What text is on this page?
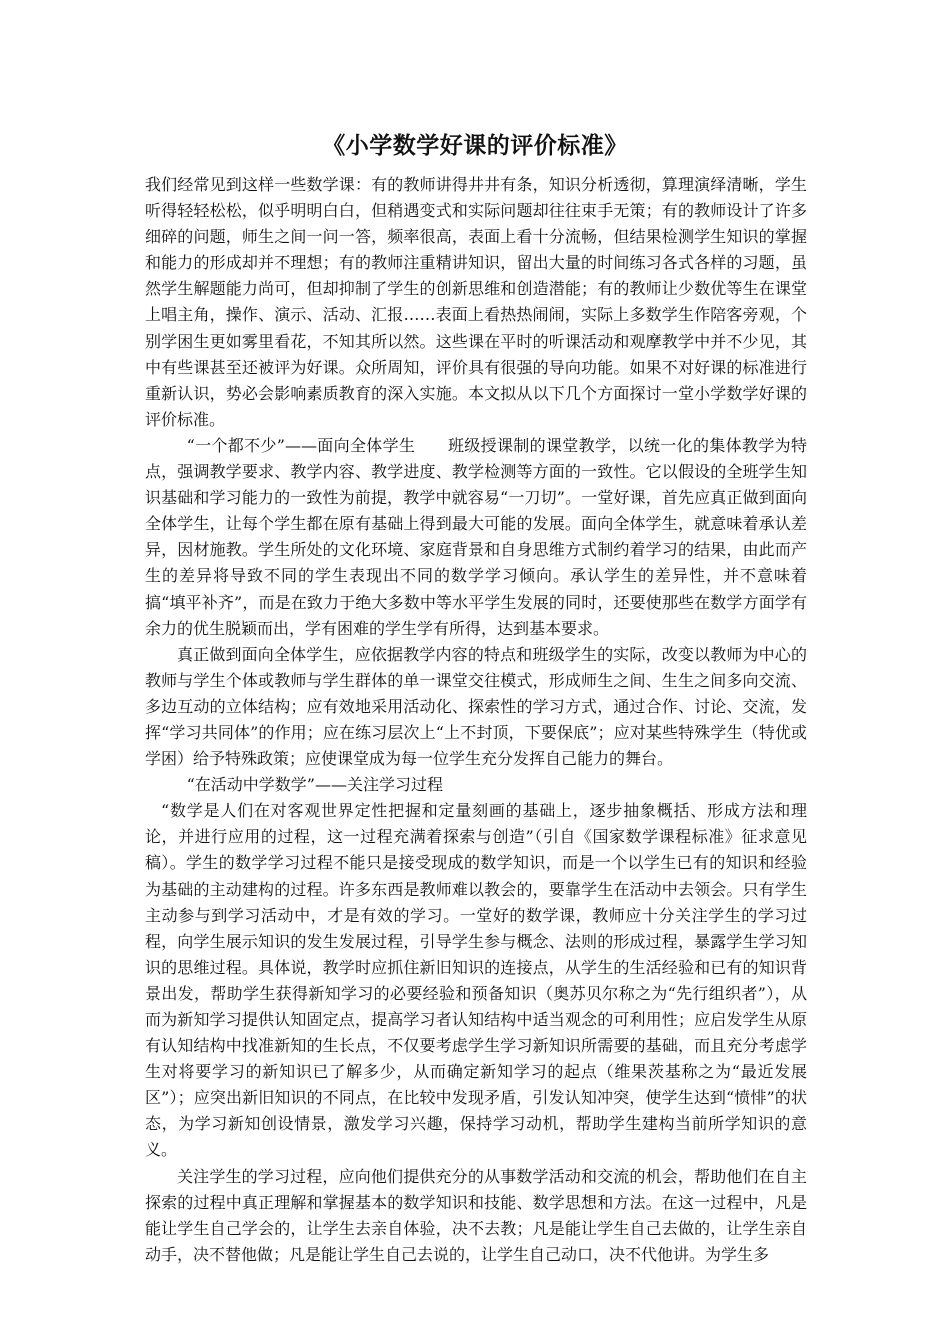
《小学数学好课的评价标准》

我们经常见到这样一些数学课：有的教师讲得井井有条，知识分析透彻，算理演绎清晰，学生听得轻轻松松，似乎明明白白，但稍遇变式和实际问题却往往束手无策；有的教师设计了许多细碎的问题，师生之间一问一答，频率很高，表面上看十分流畅，但结果检测学生知识的掌握和能力的形成却并不理想；有的教师注重精讲知识，留出大量的时间练习各式各样的习题，虽然学生解题能力尚可，但却抑制了学生的创新思维和创造潜能；有的教师让少数优等生在课堂上唱主角，操作、演示、活动、汇报……表面上看热热闹闹，实际上多数学生作陪客旁观，个别学困生更如雾里看花，不知其所以然。这些课在平时的听课活动和观摩教学中并不少见，其中有些课甚至还被评为好课。众所周知，评价具有很强的导向功能。如果不对好课的标准进行重新认识，势必会影响素质教育的深入实施。本文拟从以下几个方面探讨一堂小学数学好课的评价标准。

“一个都不少”——面向全体学生　　班级授课制的课堂教学，以统一化的集体教学为特点，强调教学要求、教学内容、教学进度、教学检测等方面的一致性。它以假设的全班学生知识基础和学习能力的一致性为前提，教学中就容易“一刀切”。一堂好课，首先应真正做到面向全体学生，让每个学生都在原有基础上得到最大可能的发展。面向全体学生，就意味着承认差异，因材施教。学生所处的文化环境、家庭背景和自身思维方式制约着学习的结果，由此而产生的差异将导致不同的学生表现出不同的数学学习倾向。承认学生的差异性，并不意味着搞“填平补齐”，而是在致力于绝大多数中等水平学生发展的同时，还要使那些在数学方面学有余力的优生脱颖而出，学有困难的学生学有所得，达到基本要求。

真正做到面向全体学生，应依据教学内容的特点和班级学生的实际，改变以教师为中心的教师与学生个体或教师与学生群体的单一课堂交往模式，形成师生之间、生生之间多向交流、多边互动的立体结构；应有效地采用活动化、探索性的学习方式，通过合作、讨论、交流，发挥“学习共同体”的作用；应在练习层次上“上不封顶，下要保底”；应对某些特殊学生（特优或学困）给予特殊政策；应使课堂成为每一位学生充分发挥自己能力的舞台。

“在活动中学数学”——关注学习过程

“数学是人们在对客观世界定性把握和定量刻画的基础上，逐步抽象概括、形成方法和理论，并进行应用的过程，这一过程充满着探索与创造”（引自《国家数学课程标准》征求意见稿）。学生的数学学习过程不能只是接受现成的数学知识，而是一个以学生已有的知识和经验为基础的主动建构的过程。许多东西是教师难以教会的，要靠学生在活动中去领会。只有学生主动参与到学习活动中，才是有效的学习。一堂好的数学课，教师应十分关注学生的学习过程，向学生展示知识的发生发展过程，引导学生参与概念、法则的形成过程，暴露学生学习知识的思维过程。具体说，教学时应抓住新旧知识的连接点，从学生的生活经验和已有的知识背景出发，帮助学生获得新知学习的必要经验和预备知识（奥苏贝尔称之为“先行组织者”），从而为新知学习提供认知固定点，提高学习者认知结构中适当观念的可利用性；应启发学生从原有认知结构中找准新知的生长点，不仅要考虑学生学习新知识所需要的基础，而且充分考虑学生对将要学习的新知识已了解多少，从而确定新知学习的起点（维果茨基称之为“最近发展区”）；应突出新旧知识的不同点，在比较中发现矛盾，引发认知冲突，使学生达到“愤悱”的状态，为学习新知创设情景，激发学习兴趣，保持学习动机，帮助学生建构当前所学知识的意义。

关注学生的学习过程，应向他们提供充分的从事数学活动和交流的机会，帮助他们在自主探索的过程中真正理解和掌握基本的数学知识和技能、数学思想和方法。在这一过程中，凡是能让学生自己学会的，让学生去亲自体验，决不去教；凡是能让学生自己去做的，让学生亲自动手，决不替他做；凡是能让学生自己去说的，让学生自己动口，决不代他讲。为学生多
